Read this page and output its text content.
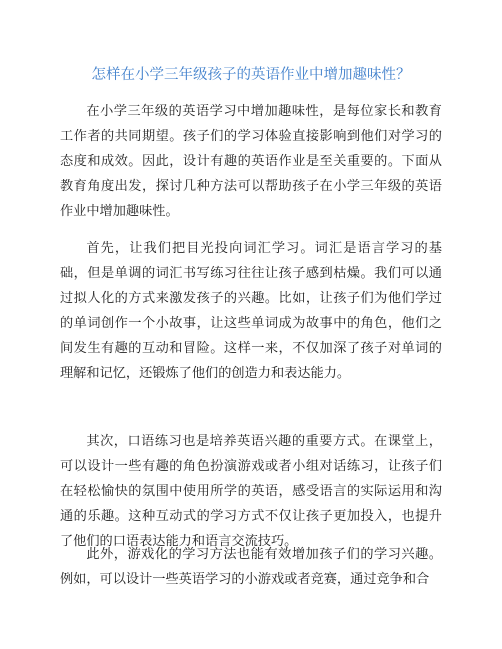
怎样在小学三年级孩子的英语作业中增加趣味性？

在小学三年级的英语学习中增加趣味性，是每位家长和教育工作者的共同期望。孩子们的学习体验直接影响到他们对学习的态度和成效。因此，设计有趣的英语作业是至关重要的。下面从教育角度出发，探讨几种方法可以帮助孩子在小学三年级的英语作业中增加趣味性。

首先，让我们把目光投向词汇学习。词汇是语言学习的基础，但是单调的词汇书写练习往往让孩子感到枯燥。我们可以通过拟人化的方式来激发孩子的兴趣。比如，让孩子们为他们学过的单词创作一个小故事，让这些单词成为故事中的角色，他们之间发生有趣的互动和冒险。这样一来，不仅加深了孩子对单词的理解和记忆，还锻炼了他们的创造力和表达能力。

其次，口语练习也是培养英语兴趣的重要方式。在课堂上，可以设计一些有趣的角色扮演游戏或者小组对话练习，让孩子们在轻松愉快的氛围中使用所学的英语，感受语言的实际运用和沟通的乐趣。这种互动式的学习方式不仅让孩子更加投入，也提升了他们的口语表达能力和语言交流技巧。

此外，游戏化的学习方法也能有效增加孩子们的学习兴趣。例如，可以设计一些英语学习的小游戏或者竞赛，通过竞争和合
